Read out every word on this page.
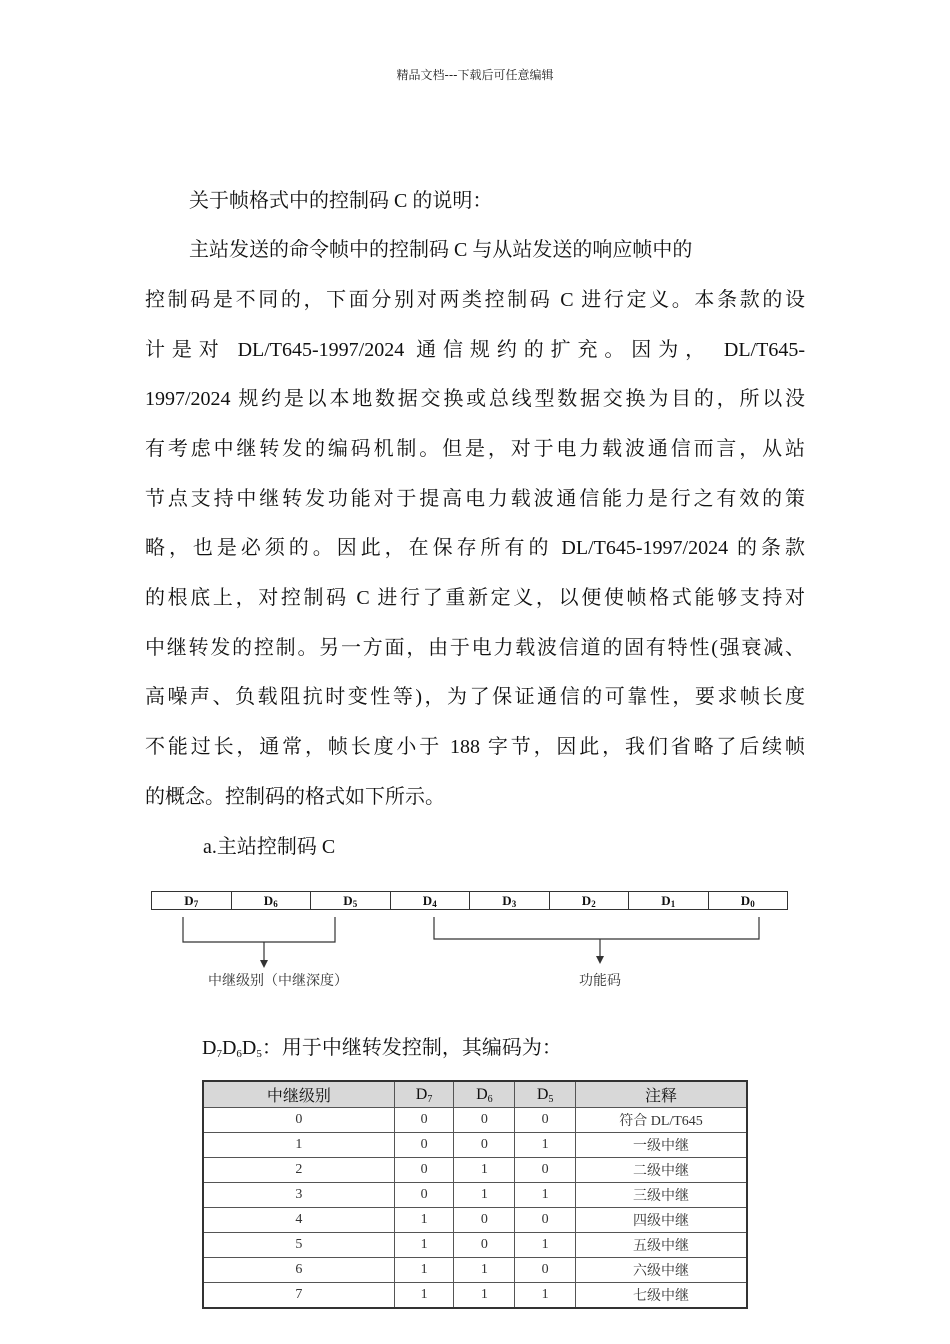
精品文档---下载后可任意编辑
关于帧格式中的控制码 C 的说明：
主站发送的命令帧中的控制码 C 与从站发送的响应帧中的
控制码是不同的，下面分别对两类控制码 C 进行定义。本条款的设
计是对 DL/T645-1997/2024 通信规约的扩充。因为， DL/T645-
1997/2024 规约是以本地数据交换或总线型数据交换为目的，所以没
有考虑中继转发的编码机制。但是，对于电力载波通信而言，从站
节点支持中继转发功能对于提高电力载波通信能力是行之有效的策
略，也是必须的。因此，在保存所有的 DL/T645-1997/2024 的条款
的根底上，对控制码 C 进行了重新定义，以便使帧格式能够支持对
中继转发的控制。另一方面，由于电力载波信道的固有特性(强衰减、
高噪声、负载阻抗时变性等)，为了保证通信的可靠性，要求帧长度
不能过长，通常，帧长度小于 188 字节，因此，我们省略了后续帧
的概念。控制码的格式如下所示。
a.主站控制码 C
$D_7$	$D_6$	$D_5$	$D_4$	$D_3$	$D_2$	$D_1$	$D_0$
中继级别（中继深度）	功能码
$D_7D_6D_5$：用于中继转发控制，其编码为：
中继级别	$D_7$	$D_6$	$D_5$	注释
0	0	0	0	符合 DL/T645
1	0	0	1	一级中继
2	0	1	0	二级中继
3	0	1	1	三级中继
4	1	0	0	四级中继
5	1	0	1	五级中继
6	1	1	0	六级中继
7	1	1	1	七级中继
